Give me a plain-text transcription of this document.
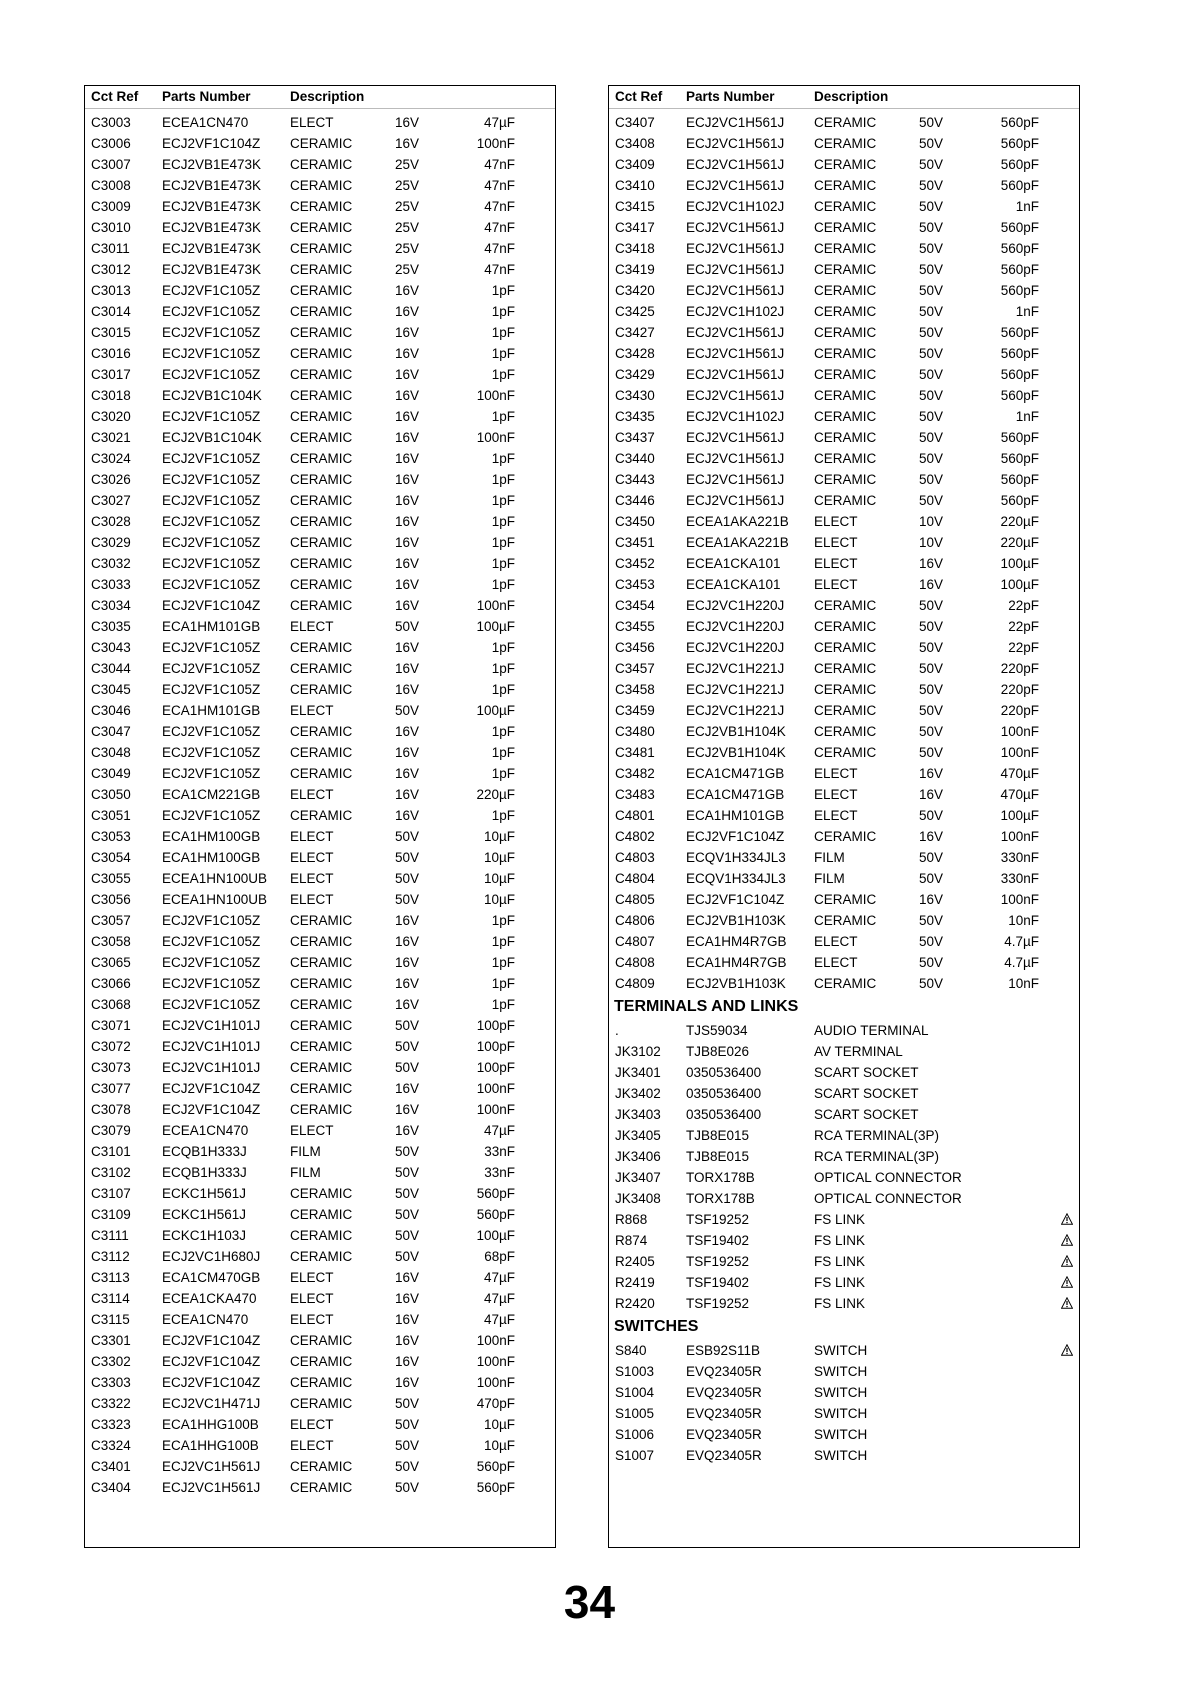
Cct Ref Parts Number	Description
C3003 ECEA1CN470	ELECT	16V	47µF
C3006 ECJ2VF1C104Z CERAMIC	16V	100nF
C3007 ECJ2VB1E473K CERAMIC	25V	47nF
C3008 ECJ2VB1E473K CERAMIC	25V	47nF
C3009 ECJ2VB1E473K CERAMIC	25V	47nF
C3010 ECJ2VB1E473K CERAMIC	25V	47nF
C3011 ECJ2VB1E473K CERAMIC	25V	47nF
C3012 ECJ2VB1E473K CERAMIC	25V	47nF
C3013 ECJ2VF1C105Z CERAMIC	16V	1pF
C3014 ECJ2VF1C105Z CERAMIC	16V	1pF
C3015 ECJ2VF1C105Z CERAMIC	16V	1pF
C3016 ECJ2VF1C105Z CERAMIC	16V	1pF
C3017 ECJ2VF1C105Z CERAMIC	16V	1pF
C3018 ECJ2VB1C104K CERAMIC	16V	100nF
C3020 ECJ2VF1C105Z CERAMIC	16V	1pF
C3021 ECJ2VB1C104K CERAMIC	16V	100nF
C3024 ECJ2VF1C105Z CERAMIC	16V	1pF
C3026 ECJ2VF1C105Z CERAMIC	16V	1pF
C3027 ECJ2VF1C105Z CERAMIC	16V	1pF
C3028 ECJ2VF1C105Z CERAMIC	16V	1pF
C3029 ECJ2VF1C105Z CERAMIC	16V	1pF
C3032 ECJ2VF1C105Z CERAMIC	16V	1pF
C3033 ECJ2VF1C105Z CERAMIC	16V	1pF
C3034 ECJ2VF1C104Z CERAMIC	16V	100nF
C3035 ECA1HM101GB ELECT	50V	100µF
C3043 ECJ2VF1C105Z CERAMIC	16V	1pF
C3044 ECJ2VF1C105Z CERAMIC	16V	1pF
C3045 ECJ2VF1C105Z CERAMIC	16V	1pF
C3046 ECA1HM101GB ELECT	50V	100µF
C3047 ECJ2VF1C105Z CERAMIC	16V	1pF
C3048 ECJ2VF1C105Z CERAMIC	16V	1pF
C3049 ECJ2VF1C105Z CERAMIC	16V	1pF
C3050 ECA1CM221GB ELECT	16V	220µF
C3051 ECJ2VF1C105Z CERAMIC	16V	1pF
C3053 ECA1HM100GB ELECT	50V	10µF
C3054 ECA1HM100GB ELECT	50V	10µF
C3055 ECEA1HN100UB ELECT	50V	10µF
C3056 ECEA1HN100UB ELECT	50V	10µF
C3057 ECJ2VF1C105Z CERAMIC	16V	1pF
C3058 ECJ2VF1C105Z CERAMIC	16V	1pF
C3065 ECJ2VF1C105Z CERAMIC	16V	1pF
C3066 ECJ2VF1C105Z CERAMIC	16V	1pF
C3068 ECJ2VF1C105Z CERAMIC	16V	1pF
C3071 ECJ2VC1H101J CERAMIC	50V	100pF
C3072 ECJ2VC1H101J CERAMIC	50V	100pF
C3073 ECJ2VC1H101J CERAMIC	50V	100pF
C3077 ECJ2VF1C104Z CERAMIC	16V	100nF
C3078 ECJ2VF1C104Z CERAMIC	16V	100nF
C3079 ECEA1CN470	ELECT	16V	47µF
C3101 ECQB1H333J	FILM	50V	33nF
C3102 ECQB1H333J	FILM	50V	33nF
C3107 ECKC1H561J	CERAMIC	50V	560pF
C3109 ECKC1H561J	CERAMIC	50V	560pF
C3111 ECKC1H103J	CERAMIC	50V	100µF
C3112 ECJ2VC1H680J CERAMIC	50V	68pF
C3113 ECA1CM470GB ELECT	16V	47µF
C3114 ECEA1CKA470 ELECT	16V	47µF
C3115 ECEA1CN470	ELECT	16V	47µF
C3301 ECJ2VF1C104Z CERAMIC	16V	100nF
C3302 ECJ2VF1C104Z CERAMIC	16V	100nF
C3303 ECJ2VF1C104Z CERAMIC	16V	100nF
C3322 ECJ2VC1H471J CERAMIC	50V	470pF
C3323 ECA1HHG100B ELECT	50V	10µF
C3324 ECA1HHG100B ELECT	50V	10µF
C3401 ECJ2VC1H561J CERAMIC	50V	560pF
C3404 ECJ2VC1H561J CERAMIC	50V	560pF
Cct Ref Parts Number	Description
C3407 ECJ2VC1H561J CERAMIC	50V	560pF
C3408 ECJ2VC1H561J CERAMIC	50V	560pF
C3409 ECJ2VC1H561J CERAMIC	50V	560pF
C3410 ECJ2VC1H561J CERAMIC	50V	560pF
C3415 ECJ2VC1H102J CERAMIC	50V	1nF
C3417 ECJ2VC1H561J CERAMIC	50V	560pF
C3418 ECJ2VC1H561J CERAMIC	50V	560pF
C3419 ECJ2VC1H561J CERAMIC	50V	560pF
C3420 ECJ2VC1H561J CERAMIC	50V	560pF
C3425 ECJ2VC1H102J CERAMIC	50V	1nF
C3427 ECJ2VC1H561J CERAMIC	50V	560pF
C3428 ECJ2VC1H561J CERAMIC	50V	560pF
C3429 ECJ2VC1H561J CERAMIC	50V	560pF
C3430 ECJ2VC1H561J CERAMIC	50V	560pF
C3435 ECJ2VC1H102J CERAMIC	50V	1nF
C3437 ECJ2VC1H561J CERAMIC	50V	560pF
C3440 ECJ2VC1H561J CERAMIC	50V	560pF
C3443 ECJ2VC1H561J CERAMIC	50V	560pF
C3446 ECJ2VC1H561J CERAMIC	50V	560pF
C3450 ECEA1AKA221B ELECT	10V	220µF
C3451 ECEA1AKA221B ELECT	10V	220µF
C3452 ECEA1CKA101 ELECT	16V	100µF
C3453 ECEA1CKA101 ELECT	16V	100µF
C3454 ECJ2VC1H220J CERAMIC	50V	22pF
C3455 ECJ2VC1H220J CERAMIC	50V	22pF
C3456 ECJ2VC1H220J CERAMIC	50V	22pF
C3457 ECJ2VC1H221J CERAMIC	50V	220pF
C3458 ECJ2VC1H221J CERAMIC	50V	220pF
C3459 ECJ2VC1H221J CERAMIC	50V	220pF
C3480 ECJ2VB1H104K CERAMIC	50V	100nF
C3481 ECJ2VB1H104K CERAMIC	50V	100nF
C3482 ECA1CM471GB ELECT	16V	470µF
C3483 ECA1CM471GB ELECT	16V	470µF
C4801 ECA1HM101GB ELECT	50V	100µF
C4802 ECJ2VF1C104Z CERAMIC	16V	100nF
C4803 ECQV1H334JL3 FILM	50V	330nF
C4804 ECQV1H334JL3 FILM	50V	330nF
C4805 ECJ2VF1C104Z CERAMIC	16V	100nF
C4806 ECJ2VB1H103K CERAMIC	50V	10nF
C4807 ECA1HM4R7GB ELECT	50V	4.7µF
C4808 ECA1HM4R7GB ELECT	50V	4.7µF
C4809 ECJ2VB1H103K CERAMIC	50V	10nF
TERMINALS AND LINKS
.	TJS59034	AUDIO TERMINAL
JK3102 TJB8E026	AV TERMINAL
JK3401 0350536400	SCART SOCKET
JK3402 0350536400	SCART SOCKET
JK3403 0350536400	SCART SOCKET
JK3405 TJB8E015	RCA TERMINAL(3P)
JK3406 TJB8E015	RCA TERMINAL(3P)
JK3407 TORX178B	OPTICAL CONNECTOR
JK3408 TORX178B	OPTICAL CONNECTOR
R868	TSF19252	FS LINK
R874	TSF19402	FS LINK
R2405 TSF19252	FS LINK
R2419 TSF19402	FS LINK
R2420 TSF19252	FS LINK
SWITCHES
S840	ESB92S11B	SWITCH
S1003 EVQ23405R	SWITCH
S1004 EVQ23405R	SWITCH
S1005 EVQ23405R	SWITCH
S1006 EVQ23405R	SWITCH
S1007 EVQ23405R	SWITCH
34
